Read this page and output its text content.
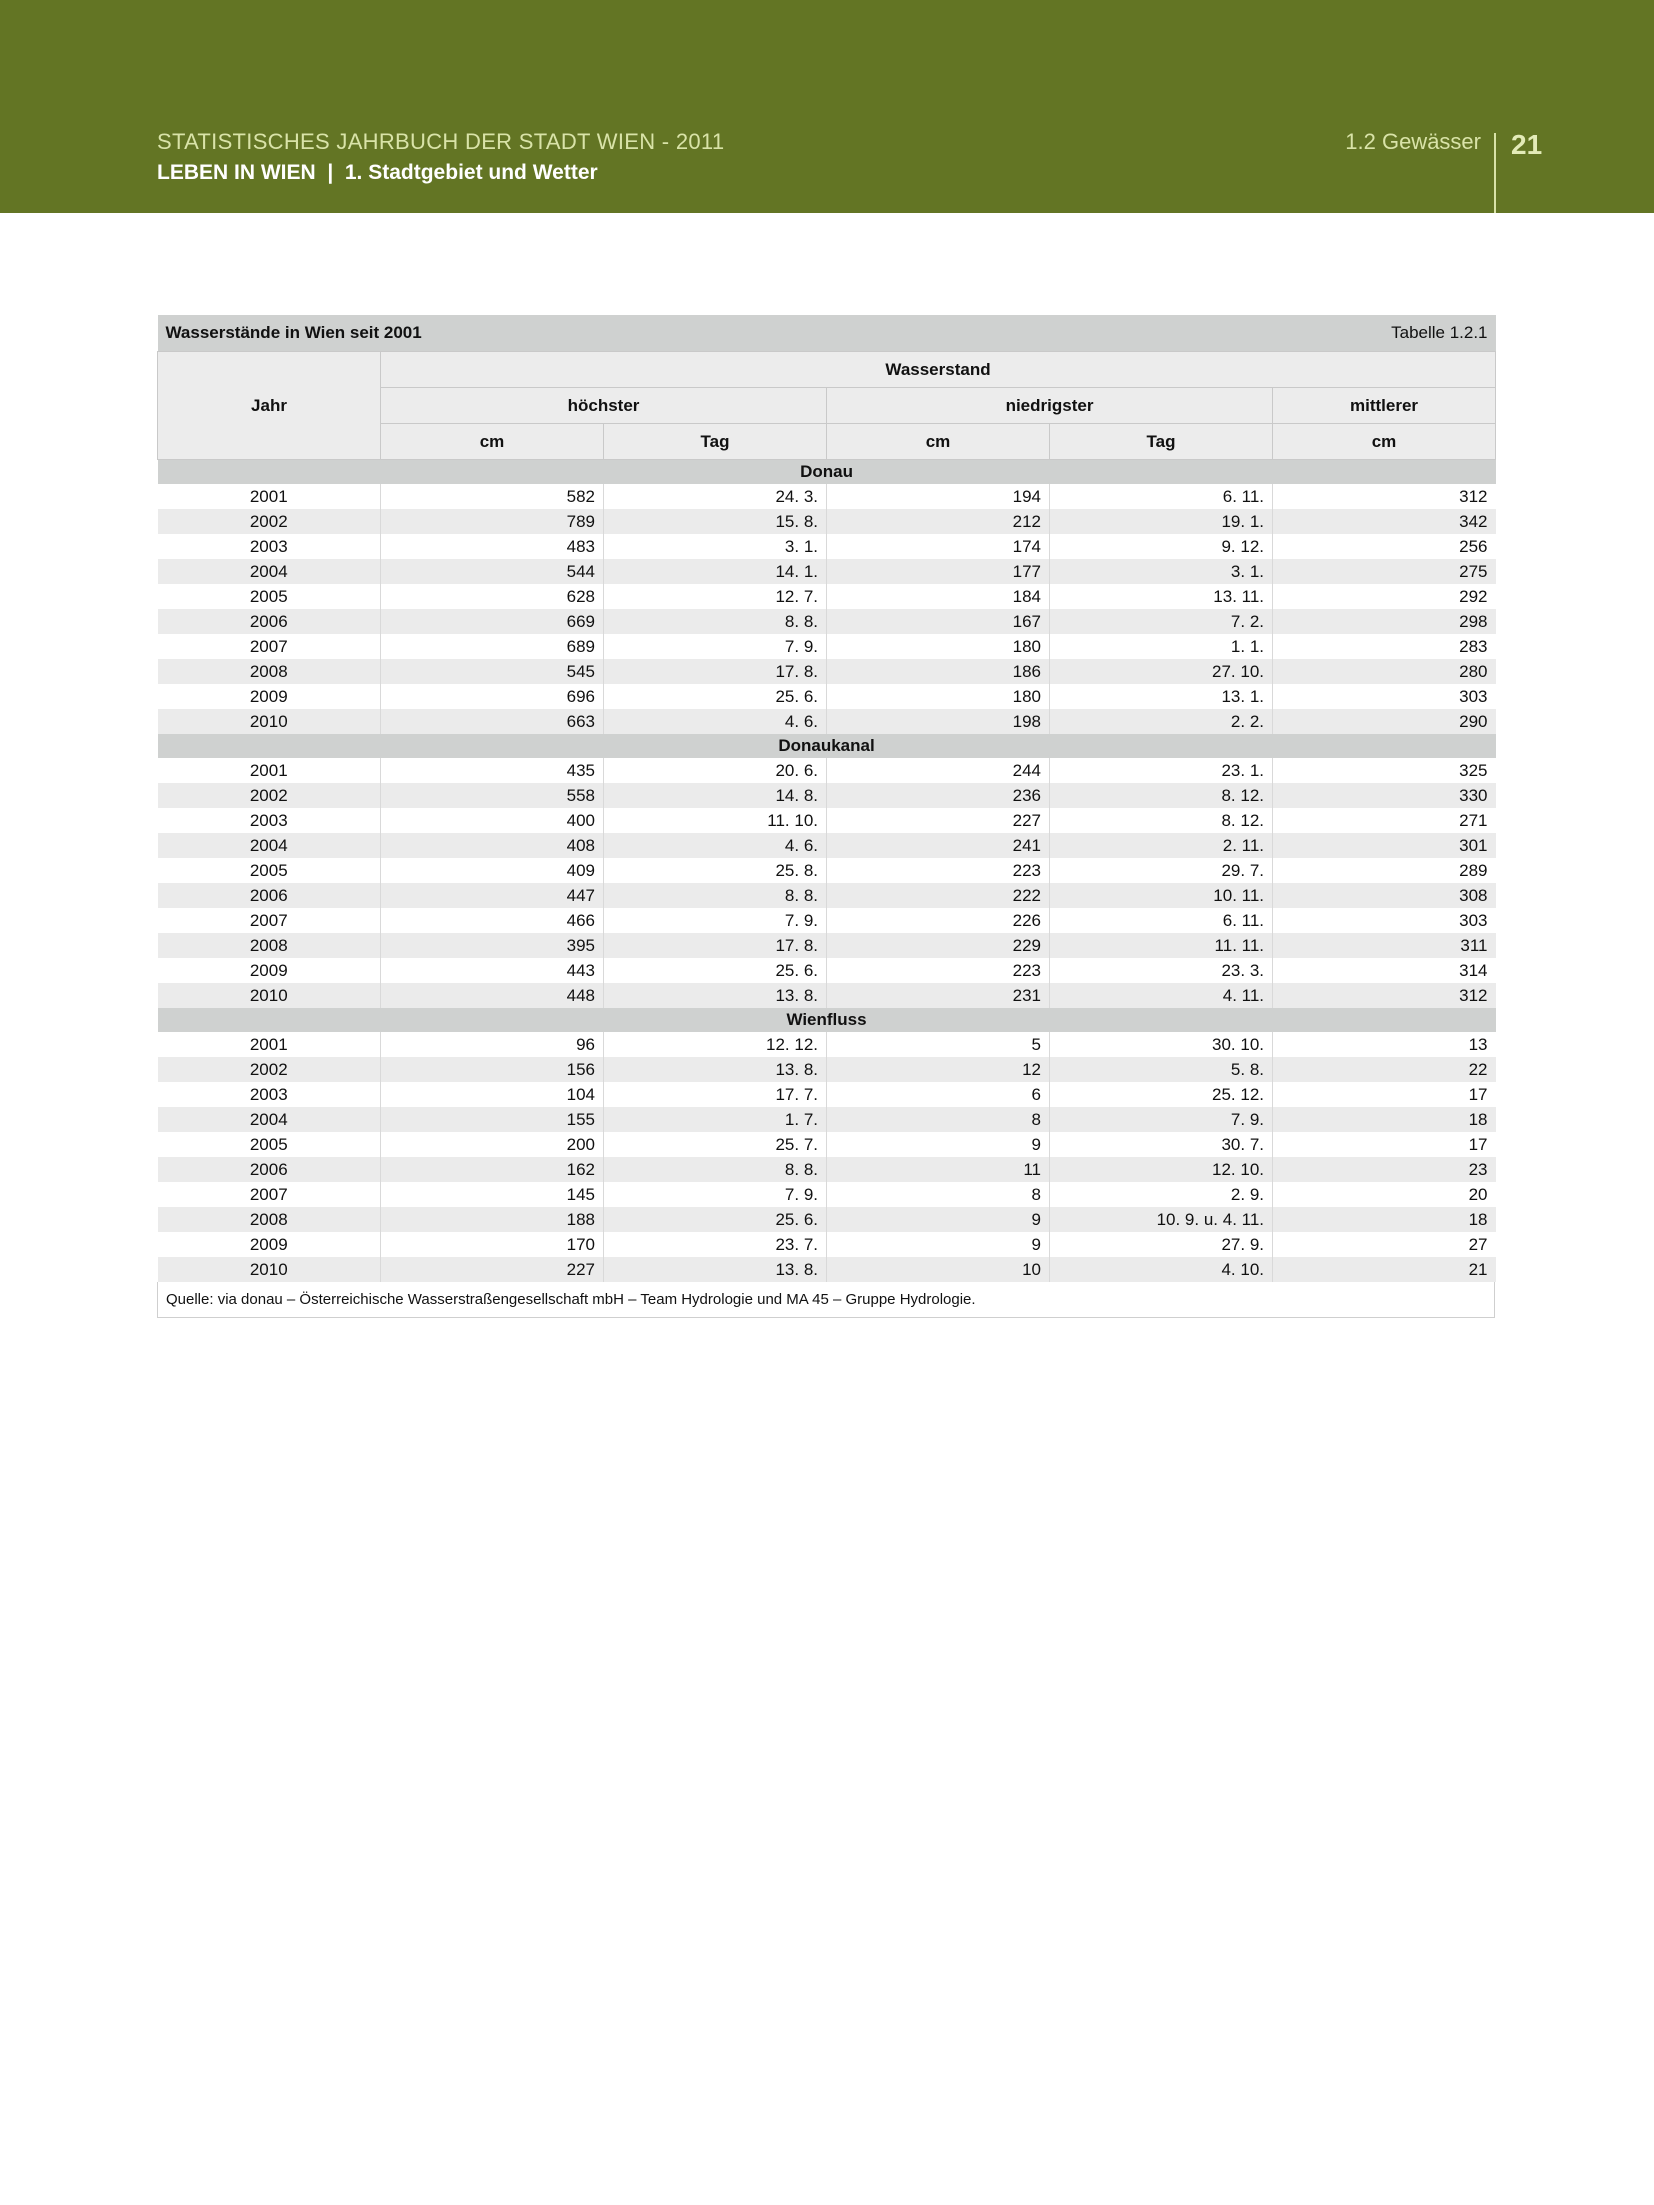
STATISTISCHES JAHRBUCH DER STADT WIEN - 2011
LEBEN IN WIEN  |  1. Stadtgebiet und Wetter
1.2 Gewässer 21
Wasserstände in Wien seit 2001			Tabelle 1.2.1		
Jahr	Wasserstand				
	höchster		niedrigster		mittlerer
	cm	Tag	cm	Tag	cm
Donau					
2001	582	24. 3.	194	6. 11.	312
2002	789	15. 8.	212	19. 1.	342
2003	483	3. 1.	174	9. 12.	256
2004	544	14. 1.	177	3. 1.	275
2005	628	12. 7.	184	13. 11.	292
2006	669	8. 8.	167	7. 2.	298
2007	689	7. 9.	180	1. 1.	283
2008	545	17. 8.	186	27. 10.	280
2009	696	25. 6.	180	13. 1.	303
2010	663	4. 6.	198	2. 2.	290
Donaukanal					
2001	435	20. 6.	244	23. 1.	325
2002	558	14. 8.	236	8. 12.	330
2003	400	11. 10.	227	8. 12.	271
2004	408	4. 6.	241	2. 11.	301
2005	409	25. 8.	223	29. 7.	289
2006	447	8. 8.	222	10. 11.	308
2007	466	7. 9.	226	6. 11.	303
2008	395	17. 8.	229	11. 11.	311
2009	443	25. 6.	223	23. 3.	314
2010	448	13. 8.	231	4. 11.	312
Wienfluss					
2001	96	12. 12.	5	30. 10.	13
2002	156	13. 8.	12	5. 8.	22
2003	104	17. 7.	6	25. 12.	17
2004	155	1. 7.	8	7. 9.	18
2005	200	25. 7.	9	30. 7.	17
2006	162	8. 8.	11	12. 10.	23
2007	145	7. 9.	8	2. 9.	20
2008	188	25. 6.	9	10. 9. u. 4. 11.	18
2009	170	23. 7.	9	27. 9.	27
2010	227	13. 8.	10	4. 10.	21
Quelle: via donau – Österreichische Wasserstraßengesellschaft mbH – Team Hydrologie und MA 45 – Gruppe Hydrologie.
